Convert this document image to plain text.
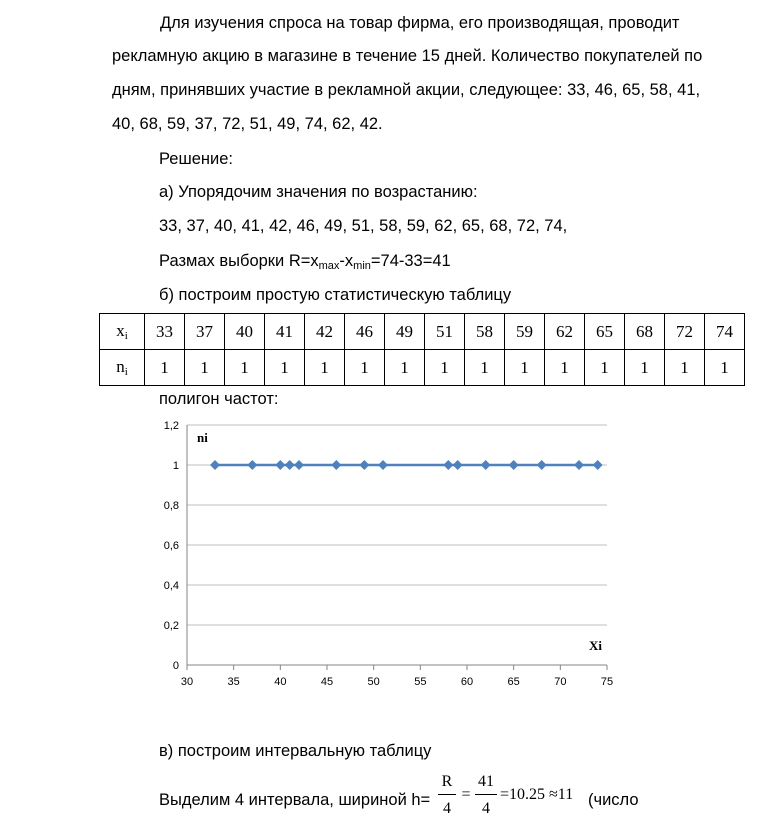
Для изучения спроса на товар фирма, его производящая, проводит
рекламную акцию в магазине в течение 15 дней. Количество покупателей по
дням, принявших участие в рекламной акции, следующее: 33, 46, 65, 58, 41,
40, 68, 59, 37, 72, 51, 49, 74, 62, 42.
Решение:
а) Упорядочим значения по возрастанию:
33, 37, 40, 41, 42, 46, 49, 51, 58, 59, 62, 65, 68, 72, 74,
Размах выборки $R=x_{max}-x_{min}=74-33=41$
б) построим простую статистическую таблицу
$x_i$	33	37	40	41	42	46	49	51	58	59	62	65	68	72	74
$n_i$	1	1	1	1	1	1	1	1	1	1	1	1	1	1	1
полигон частот:
0
0,2
0,4
0,6
0,8
1
1,2
30	35	40	45	50	55	60	65	70	75
ni
Xi
в) построим интервальную таблицу
Выделим 4 интервала, шириной h=
R
4
=
41
4
=10.25 ≈11 (число
